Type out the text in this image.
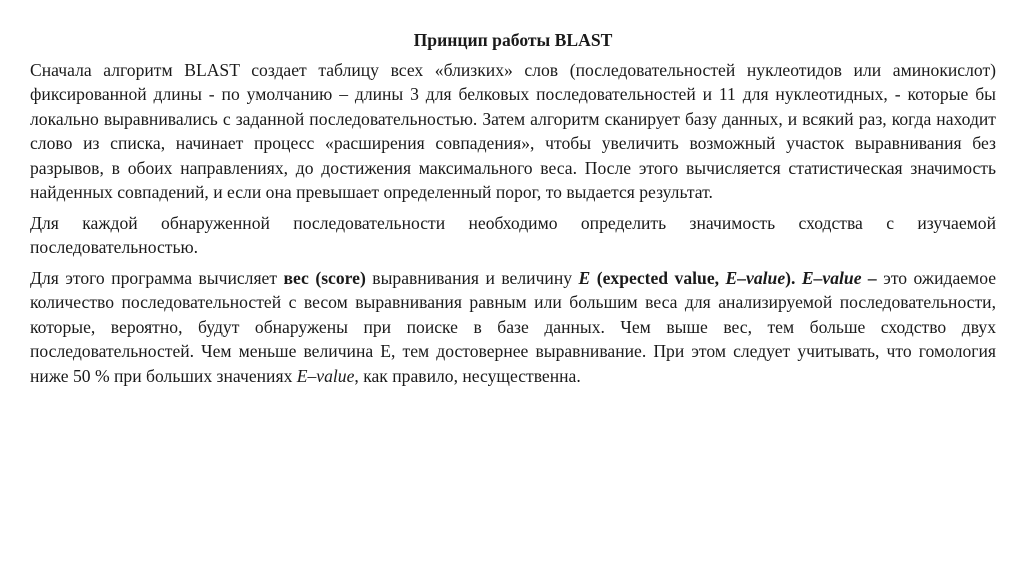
Принцип работы BLAST

Сначала алгоритм BLAST создает таблицу всех «близких» слов (последовательностей нуклеотидов или аминокислот) фиксированной длины - по умолчанию – длины 3 для белковых последовательностей и 11 для нуклеотидных, - которые бы локально выравнивались с заданной последовательностью. Затем алгоритм сканирует базу данных, и всякий раз, когда находит слово из списка, начинает процесс «расширения совпадения», чтобы увеличить возможный участок выравнивания без разрывов, в обоих направлениях, до достижения максимального веса. После этого вычисляется статистическая значимость найденных совпадений, и если она превышает определенный порог, то выдается результат.

Для каждой обнаруженной последовательности необходимо определить значимость сходства с изучаемой последовательностью.

Для этого программа вычисляет вес (score) выравнивания и величину E (expected value, E–value). E–value – это ожидаемое количество последовательностей с весом выравнивания равным или большим веса для анализируемой последовательности, которые, вероятно, будут обнаружены при поиске в базе данных. Чем выше вес, тем больше сходство двух последовательностей. Чем меньше величина Е, тем достовернее выравнивание. При этом следует учитывать, что гомология ниже 50 % при больших значениях E–value, как правило, несущественна.
